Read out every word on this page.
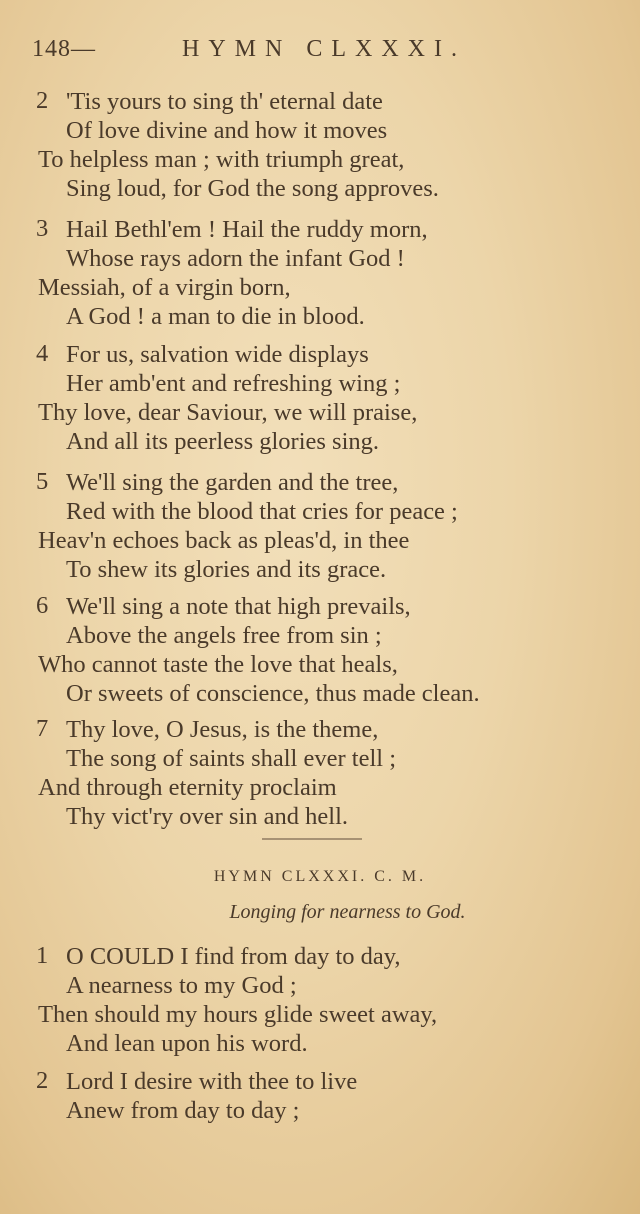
148—	HYMN CLXXXI.
2 'Tis yours to sing th' eternal date
Of love divine and how it moves
To helpless man ; with triumph great,
Sing loud, for God the song approves.
3 Hail Bethl'em ! Hail the ruddy morn,
Whose rays adorn the infant God !
Messiah, of a virgin born,
A God ! a man to die in blood.
4 For us, salvation wide displays
Her amb'ent and refreshing wing ;
Thy love, dear Saviour, we will praise,
And all its peerless glories sing.
5 We'll sing the garden and the tree,
Red with the blood that cries for peace ;
Heav'n echoes back as pleas'd, in thee
To shew its glories and its grace.
6 We'll sing a note that high prevails,
Above the angels free from sin ;
Who cannot taste the love that heals,
Or sweets of conscience, thus made clean.
7 Thy love, O Jesus, is the theme,
The song of saints shall ever tell ;
And through eternity proclaim
Thy vict'ry over sin and hell.
HYMN CLXXXI. C. M.
Longing for nearness to God.
1 O COULD I find from day to day,
A nearness to my God ;
Then should my hours glide sweet away,
And lean upon his word.
2 Lord I desire with thee to live
Anew from day to day ;
